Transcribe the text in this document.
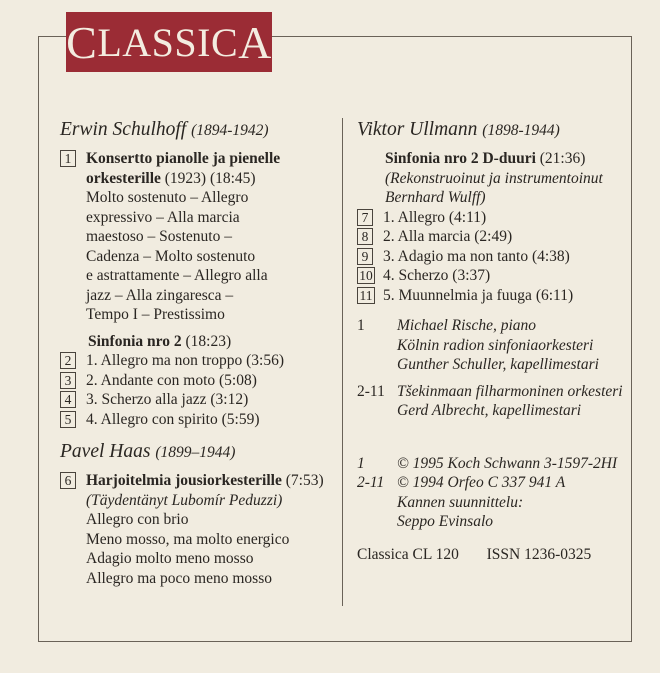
C LASSIC A
Erwin Schulhoff (1894-1942)
1 Konsertto pianolle ja pienelle
orkesterille (1923) (18:45)
Molto sostenuto – Allegro
expressivo – Alla marcia
maestoso – Sostenuto –
Cadenza – Molto sostenuto
e astrattamente – Allegro alla
jazz – Alla zingaresca –
Tempo I – Prestissimo
Sinfonia nro 2 (18:23)
2 1. Allegro ma non troppo (3:56)
3 2. Andante con moto (5:08)
4 3. Scherzo alla jazz (3:12)
5 4. Allegro con spirito (5:59)
Pavel Haas (1899–1944)
6 Harjoitelmia jousiorkesterille (7:53)
(Täydentänyt Lubomír Peduzzi)
Allegro con brio
Meno mosso, ma molto energico
Adagio molto meno mosso
Allegro ma poco meno mosso
Viktor Ullmann (1898-1944)
Sinfonia nro 2 D-duuri (21:36)
(Rekonstruoinut ja instrumentoinut
Bernhard Wulff)
7 1. Allegro (4:11)
8 2. Alla marcia (2:49)
9 3. Adagio ma non tanto (4:38)
10 4. Scherzo (3:37)
11 5. Muunnelmia ja fuuga (6:11)
1	Michael Rische, piano
Kölnin radion sinfoniaorkesteri
Gunther Schuller, kapellimestari
2-11 Tšekinmaan filharmoninen orkesteri
Gerd Albrecht, kapellimestari
1	© 1995 Koch Schwann 3-1597-2HI
2-11 © 1994 Orfeo C 337 941 A
Kannen suunnittelu:
Seppo Evinsalo
Classica CL 120 ISSN 1236-0325
